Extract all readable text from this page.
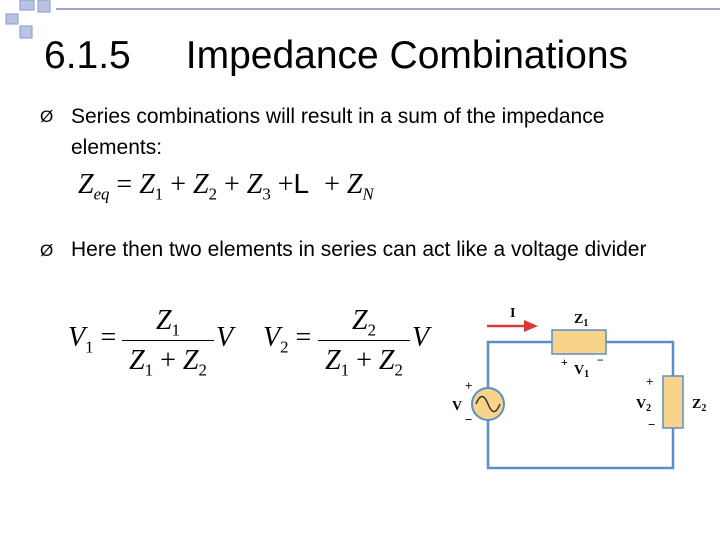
6.1.5 Impedance Combinations
Ø Series combinations will result in a sum of the impedance elements:
$Z_{eq} = Z_1 + Z_2 + Z_3 +L + Z_N$
Ø Here then two elements in series can act like a voltage divider
$V_1$ =
$Z_1$
$Z_1 + Z_2$
V $V_2$ =
$Z_2$
$Z_1 + Z_2$
V
I	$Z_1$
+ −
$V_1$	+
−
$V_2$	$Z_2$
+
V
−
